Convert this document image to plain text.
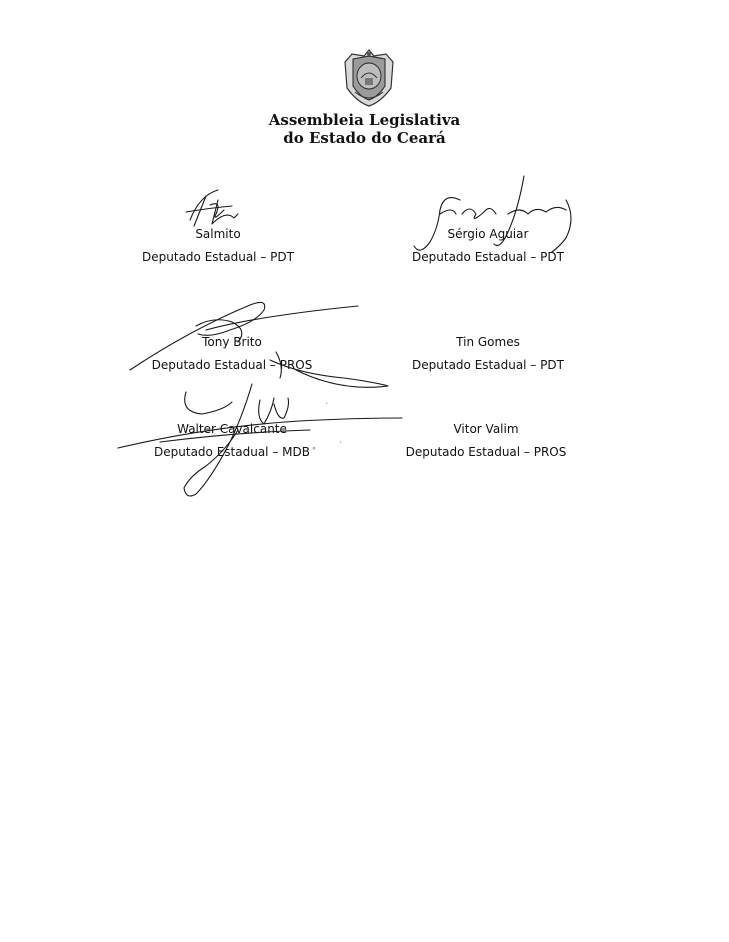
Assembleia Legislativa
do Estado do Ceará
Salmito
Deputado Estadual – PDT
Sérgio Aguiar
Deputado Estadual – PDT
Tony Brito
Deputado Estadual – PROS
Tin Gomes
Deputado Estadual – PDT
Walter Cavalcante
Deputado Estadual – MDB
Vitor Valim
Deputado Estadual – PROS
`
`
°
